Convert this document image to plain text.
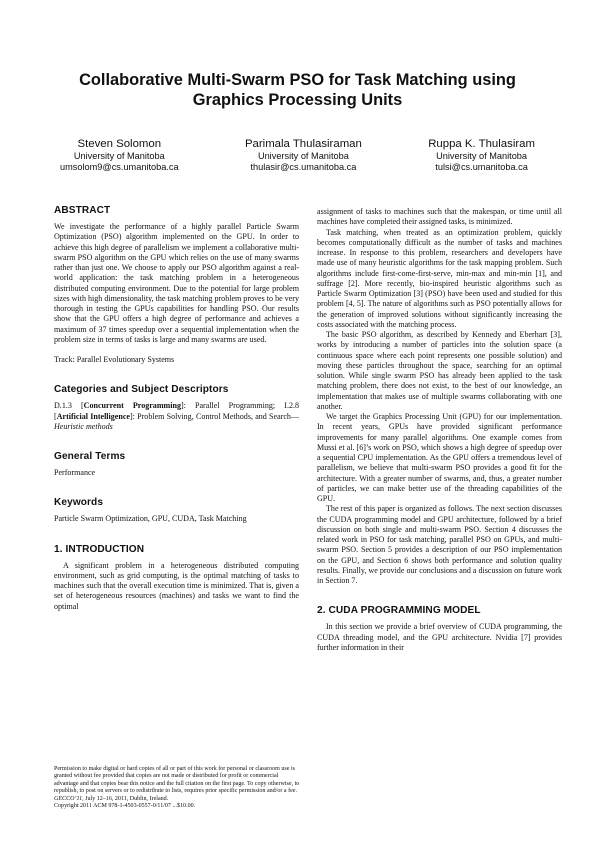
Collaborative Multi-Swarm PSO for Task Matching using
Graphics Processing Units
Steven Solomon
University of Manitoba
umsolom9@cs.umanitoba.ca
Parimala Thulasiraman
University of Manitoba
thulasir@cs.umanitoba.ca
Ruppa K. Thulasiram
University of Manitoba
tulsi@cs.umanitoba.ca
ABSTRACT

We investigate the performance of a highly parallel Particle Swarm Optimization (PSO) algorithm implemented on the GPU. In order to achieve this high degree of parallelism we implement a collaborative multi-swarm PSO algorithm on the GPU which relies on the use of many swarms rather than just one. We choose to apply our PSO algorithm against a real-world application: the task matching problem in a heterogeneous distributed computing environment. Due to the potential for large problem sizes with high dimensionality, the task matching problem proves to be very thorough in testing the GPUs capabilities for handling PSO. Our results show that the GPU offers a high degree of performance and achieves a maximum of 37 times speedup over a sequential implementation when the problem size in terms of tasks is large and many swarms are used.

Track: Parallel Evolutionary Systems

Categories and Subject Descriptors

D.1.3 [Concurrent Programming]: Parallel Programming; I.2.8 [Artificial Intelligence]: Problem Solving, Control Methods, and Search—Heuristic methods

General Terms

Performance

Keywords

Particle Swarm Optimization, GPU, CUDA, Task Matching

1. INTRODUCTION

A significant problem in a heterogeneous distributed computing environment, such as grid computing, is the optimal matching of tasks to machines such that the overall execution time is minimized. That is, given a set of heterogeneous resources (machines) and tasks we want to find the optimal

Permission to make digital or hard copies of all or part of this work for personal or classroom use is granted without fee provided that copies are not made or distributed for profit or commercial advantage and that copies bear this notice and the full citation on the first page. To copy otherwise, to republish, to post on servers or to redistribute to lists, requires prior specific permission and/or a fee.

GECCO’11, July 12–16, 2011, Dublin, Ireland.

Copyright 2011 ACM 978-1-4503-0557-0/11/07 ...$10.00.

assignment of tasks to machines such that the makespan, or time until all machines have completed their assigned tasks, is minimized.

Task matching, when treated as an optimization problem, quickly becomes computationally difficult as the number of tasks and machines increase. In response to this problem, researchers and developers have made use of many heuristic algorithms for the task mapping problem. Such algorithms include first-come-first-serve, min-max and min-min [1], and suffrage [2]. More recently, bio-inspired heuristic algorithms such as Particle Swarm Optimization [3] (PSO) have been used and studied for this problem [4, 5]. The nature of algorithms such as PSO potentially allows for the generation of improved solutions without significantly increasing the costs associated with the matching process.

The basic PSO algorithm, as described by Kennedy and Eberhart [3], works by introducing a number of particles into the solution space (a continuous space where each point represents one possible solution) and moving these particles throughout the space, searching for an optimal solution. While single swarm PSO has already been applied to the task matching problem, there does not exist, to the best of our knowledge, an implementation that makes use of multiple swarms collaborating with one another.

We target the Graphics Processing Unit (GPU) for our implementation. In recent years, GPUs have provided significant performance improvements for many parallel algorithms. One example comes from Mussi et al. [6]’s work on PSO, which shows a high degree of speedup over a sequential CPU implementation. As the GPU offers a tremendous level of parallelism, we believe that multi-swarm PSO provides a good fit for the architecture. With a greater number of swarms, and, thus, a greater number of particles, we can make better use of the threading capabilities of the GPU.

The rest of this paper is organized as follows. The next section discusses the CUDA programming model and GPU architecture, followed by a brief discussion on both single and multi-swarm PSO. Section 4 discusses the related work in PSO for task matching, parallel PSO on GPUs, and multi-swarm PSO. Section 5 provides a description of our PSO implementation on the GPU, and Section 6 shows both performance and solution quality results. Finally, we provide our conclusions and a discussion on future work in Section 7.

2. CUDA PROGRAMMING MODEL

In this section we provide a brief overview of CUDA programming, the CUDA threading model, and the GPU architecture. Nvidia [7] provides further information in their
